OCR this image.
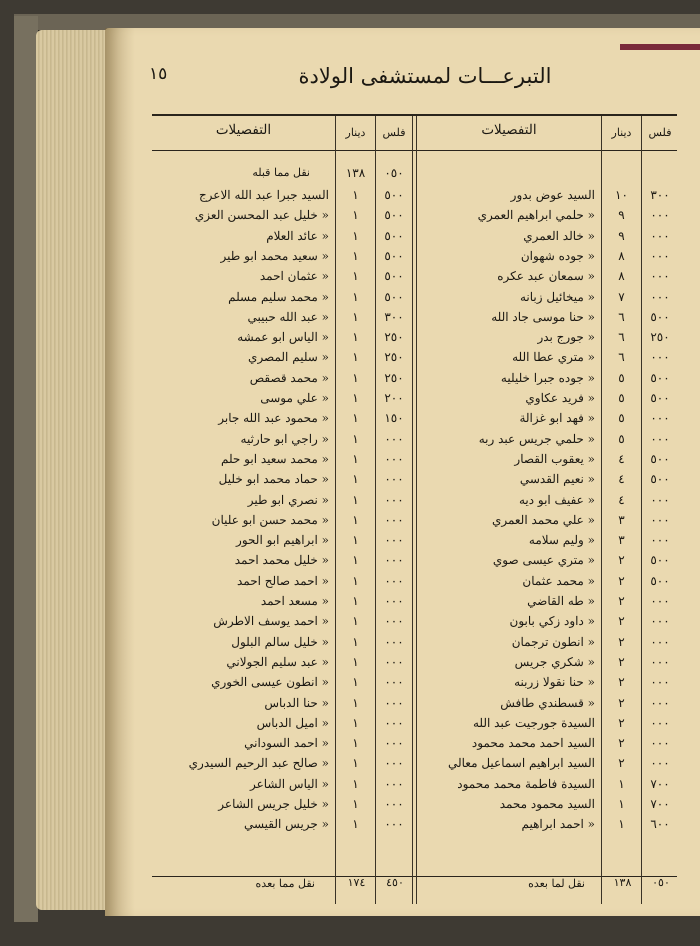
١٥	التبرعـــات لمستشفى الولادة
فلس
دينار
التفصيلات
فلس
دينار
التفصيلات
٠٥٠
١٣٨
نقل مما قبله
٣٠٠
١٠
السيد عوض بدور
٠٠٠
٩
« حلمي ابراهيم العمري
٠٠٠
٩
« خالد العمري
٠٠٠
٨
« جوده شهوان
٠٠٠
٨
« سمعان عبد عكره
٠٠٠
٧
« ميخائيل زبانه
٥٠٠
٦
« حنا موسى جاد الله
٢٥٠
٦
« جورج بدر
٠٠٠
٦
« متري عطا الله
٥٠٠
٥
« جوده جبرا خليليه
٥٠٠
٥
« فريد عكاوي
٠٠٠
٥
« فهد ابو غزالة
٠٠٠
٥
« حلمي جريس عبد ربه
٥٠٠
٤
« يعقوب القصار
٥٠٠
٤
« نعيم القدسي
٠٠٠
٤
« عفيف ابو ديه
٠٠٠
٣
« علي محمد العمري
٠٠٠
٣
« وليم سلامه
٥٠٠
٢
« متري عيسى صوي
٥٠٠
٢
« محمد عثمان
٠٠٠
٢
« طه القاضي
٠٠٠
٢
« داود زكي بابون
٠٠٠
٢
« انطون ترجمان
٠٠٠
٢
« شكري جريس
٠٠٠
٢
« حنا نقولا زربنه
٠٠٠
٢
« قسطندي طافش
٠٠٠
٢
السيدة جورجيت عبد الله
٠٠٠
٢
السيد احمد محمد محمود
٠٠٠
٢
السيد ابراهيم اسماعيل معالي
٧٠٠
١
السيدة فاطمة محمد محمود
٧٠٠
١
السيد محمود محمد
٦٠٠
١
« احمد ابراهيم
٥٠٠
١
السيد جبرا عبد الله الاعرج
٥٠٠
١
« خليل عبد المحسن العزي
٥٠٠
١
« عائد العلام
٥٠٠
١
« سعيد محمد ابو طير
٥٠٠
١
« عثمان احمد
٥٠٠
١
« محمد سليم مسلم
٣٠٠
١
« عبد الله حبيبي
٢٥٠
١
« الياس ابو عمشه
٢٥٠
١
« سليم المصري
٢٥٠
١
« محمد قصقص
٢٠٠
١
« علي موسى
١٥٠
١
« محمود عبد الله جابر
٠٠٠
١
« راجي ابو حارثيه
٠٠٠
١
« محمد سعيد ابو حلم
٠٠٠
١
« حماد محمد ابو خليل
٠٠٠
١
« نصري ابو طير
٠٠٠
١
« محمد حسن ابو عليان
٠٠٠
١
« ابراهيم ابو الحور
٠٠٠
١
« خليل محمد احمد
٠٠٠
١
« احمد صالح احمد
٠٠٠
١
« مسعد احمد
٠٠٠
١
« احمد يوسف الاطرش
٠٠٠
١
« خليل سالم البلول
٠٠٠
١
« عبد سليم الجولاني
٠٠٠
١
« انطون عيسى الخوري
٠٠٠
١
« حنا الدباس
٠٠٠
١
« اميل الدباس
٠٠٠
١
« احمد السوداني
٠٠٠
١
« صالح عبد الرحيم السيدري
٠٠٠
١
« الياس الشاعر
٠٠٠
١
« خليل جريس الشاعر
٠٠٠
١
« جريس القيسي
٠٥٠
١٣٨
نقل لما بعده
٤٥٠
١٧٤
نقل مما بعده
